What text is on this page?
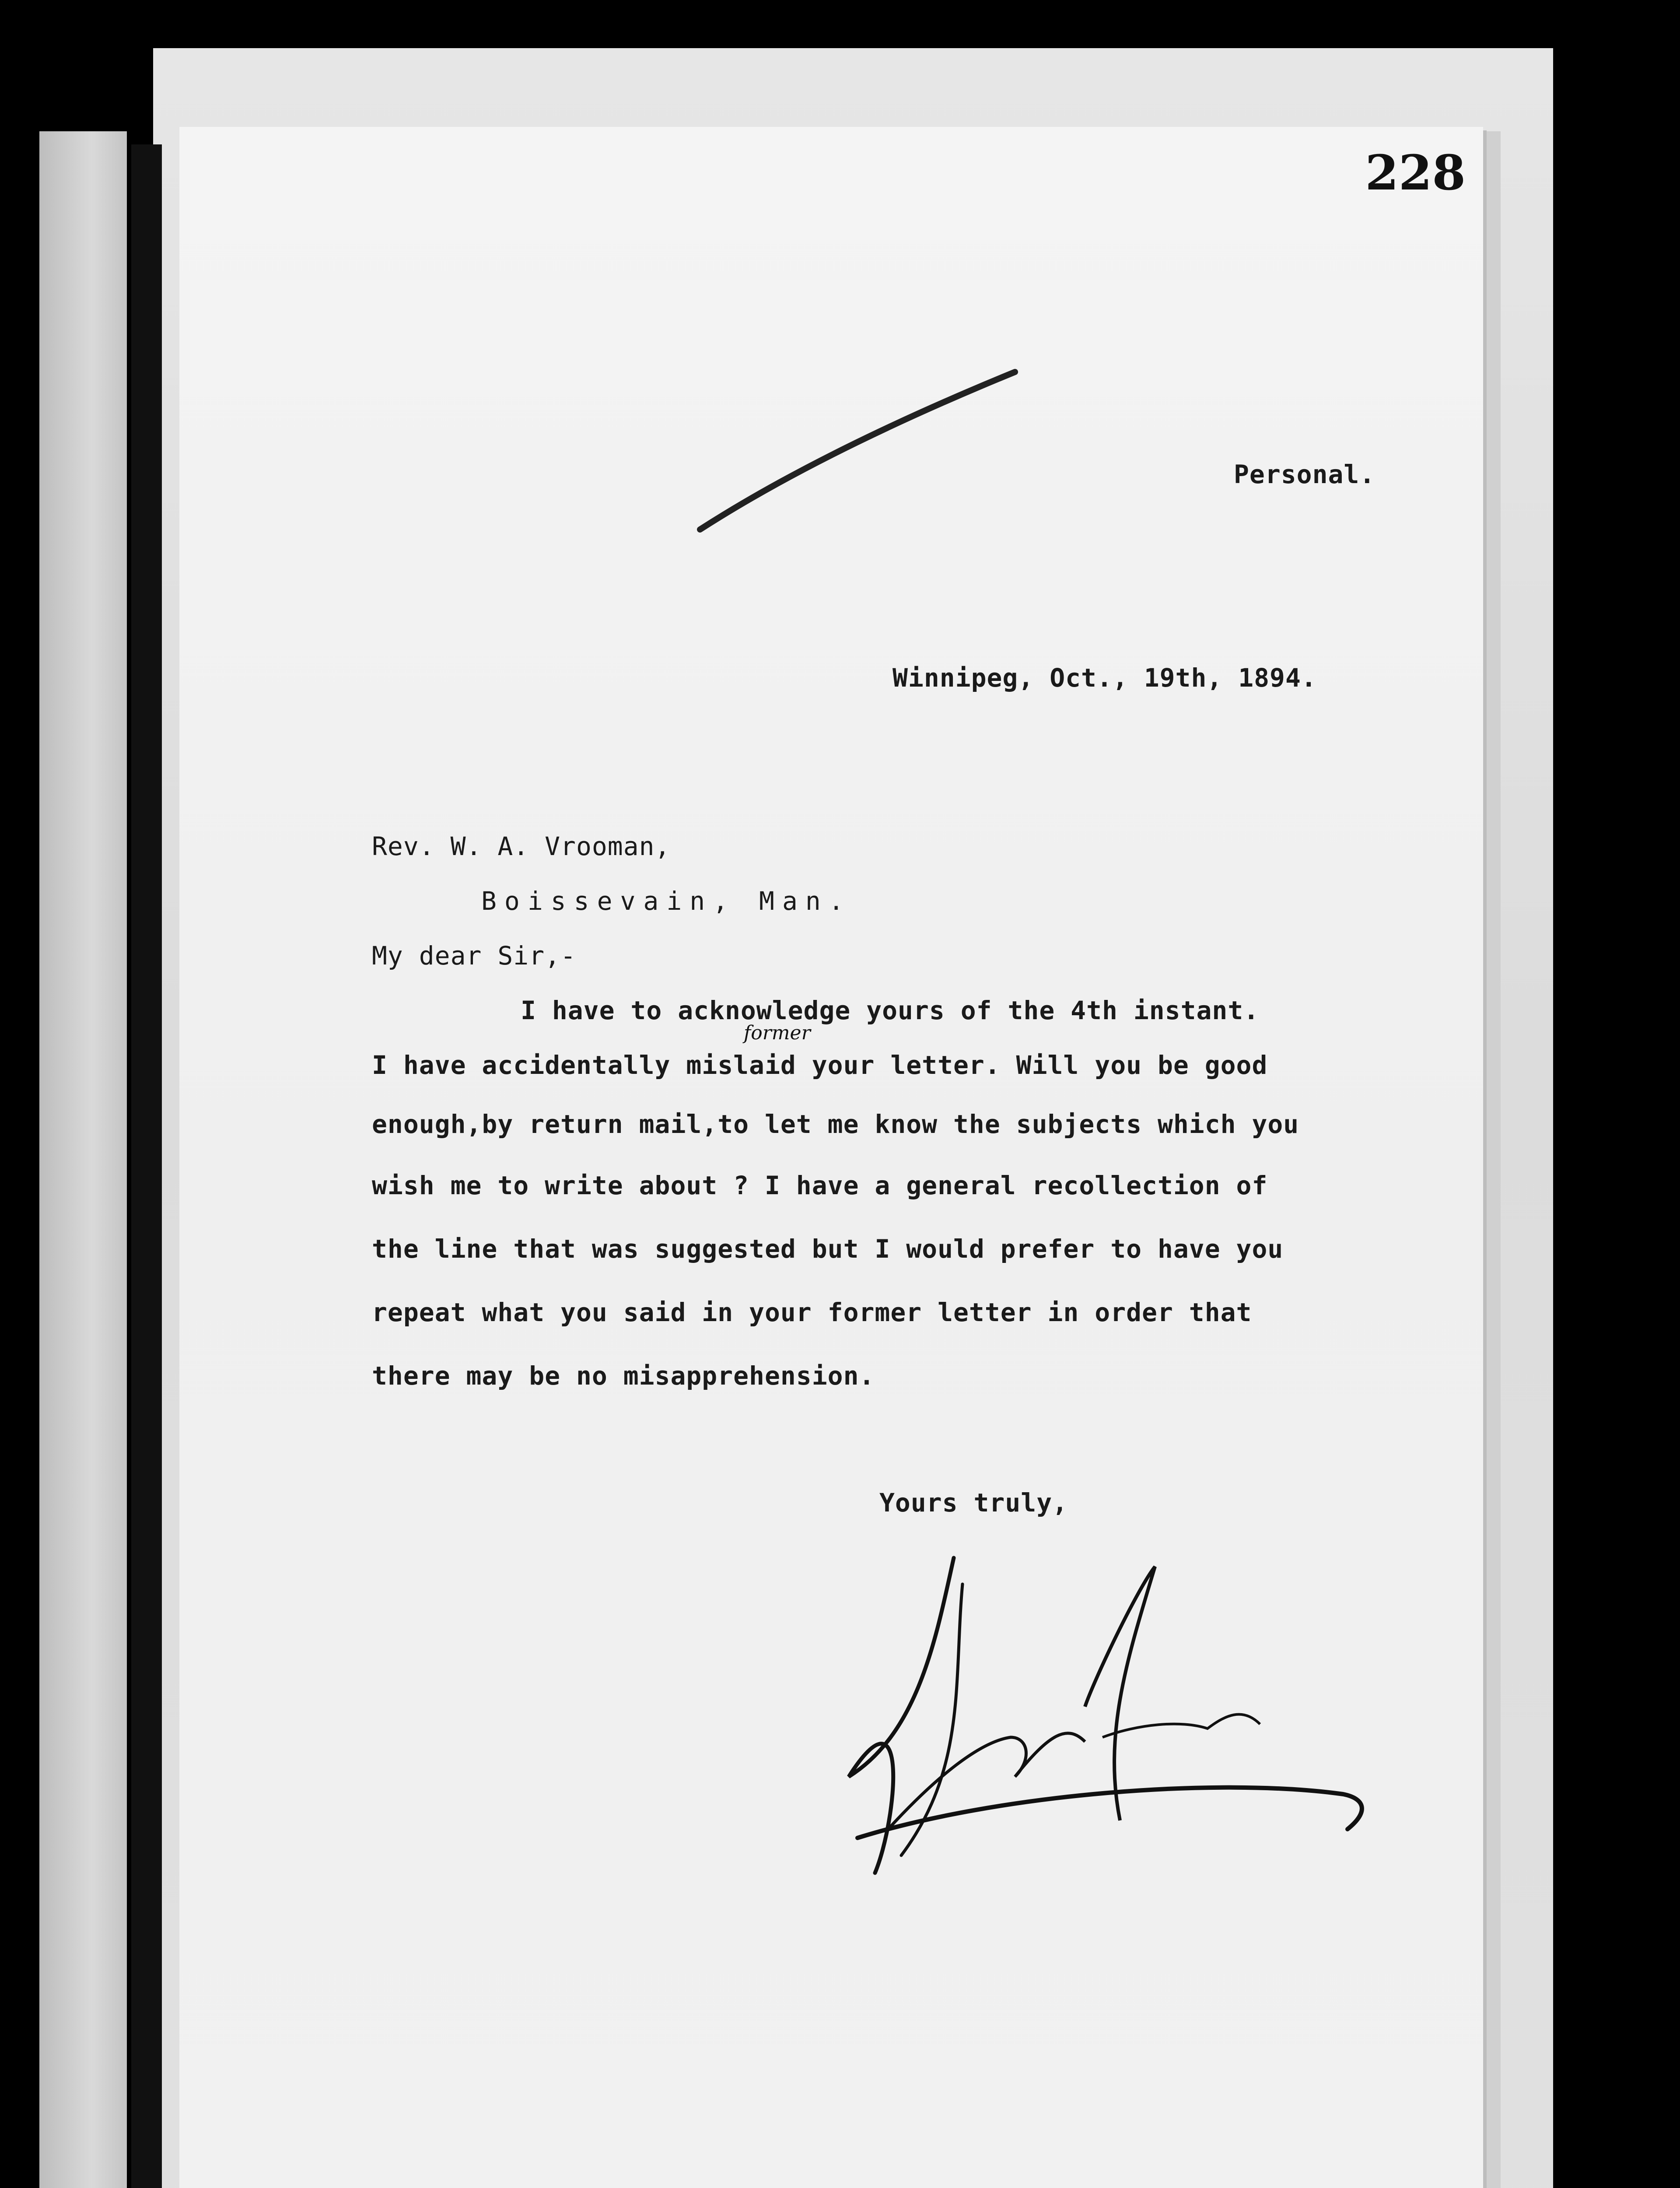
228
Personal.
Winnipeg, Oct., 19th, 1894.
Rev. W. A. Vrooman,
Boissevain, Man.
My dear Sir,-
I have to acknowledge yours of the 4th instant.
former
I have accidentally mislaid your letter. Will you be good
enough,by return mail,to let me know the subjects which you
wish me to write about ? I have a general recollection of
the line that was suggested but I would prefer to have you
repeat what you said in your former letter in order that
there may be no misapprehension.
Yours truly,
